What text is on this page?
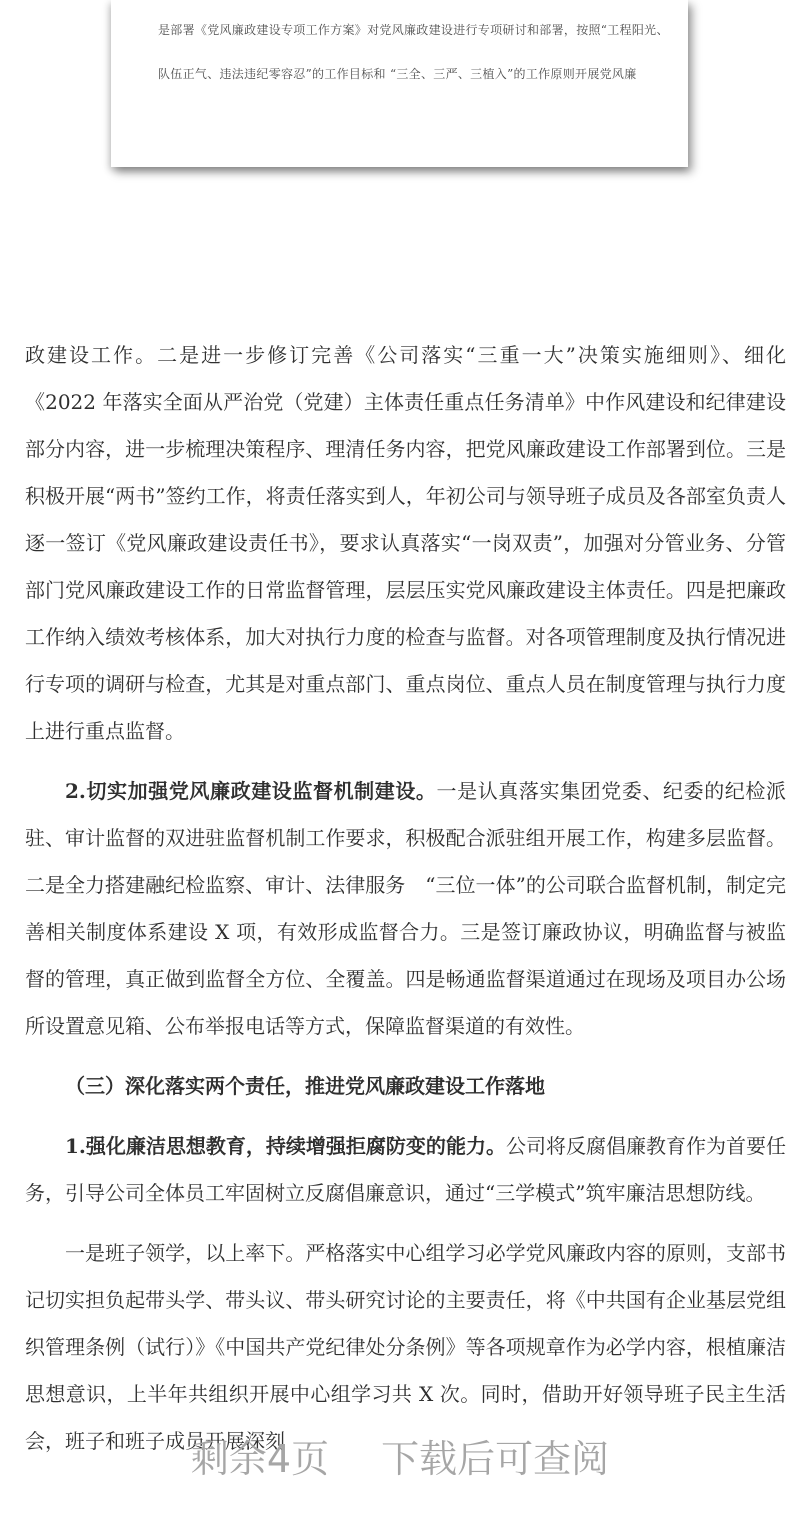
是部署《党风廉政建设专项工作方案》对党风廉政建设进行专项研讨和部署，按照“工程阳光、
队伍正气、违法违纪零容忍”的工作目标和 “三全、三严、三植入”的工作原则开展党风廉

政建设工作。二是进一步修订完善《公司落实“三重一大”决策实施细则》、细化《2022 年落实全面从严治党（党建）主体责任重点任务清单》中作风建设和纪律建设部分内容，进一步梳理决策程序、理清任务内容，把党风廉政建设工作部署到位。三是积极开展“两书”签约工作，将责任落实到人，年初公司与领导班子成员及各部室负责人逐一签订《党风廉政建设责任书》，要求认真落实“一岗双责”，加强对分管业务、分管部门党风廉政建设工作的日常监督管理，层层压实党风廉政建设主体责任。四是把廉政工作纳入绩效考核体系，加大对执行力度的检查与监督。对各项管理制度及执行情况进行专项的调研与检查，尤其是对重点部门、重点岗位、重点人员在制度管理与执行力度上进行重点监督。

2.切实加强党风廉政建设监督机制建设。一是认真落实集团党委、纪委的纪检派驻、审计监督的双进驻监督机制工作要求，积极配合派驻组开展工作，构建多层监督。二是全力搭建融纪检监察、审计、法律服务　“三位一体”的公司联合监督机制，制定完善相关制度体系建设 X 项，有效形成监督合力。三是签订廉政协议，明确监督与被监督的管理，真正做到监督全方位、全覆盖。四是畅通监督渠道通过在现场及项目办公场所设置意见箱、公布举报电话等方式，保障监督渠道的有效性。

（三）深化落实两个责任，推进党风廉政建设工作落地

1.强化廉洁思想教育，持续增强拒腐防变的能力。公司将反腐倡廉教育作为首要任务，引导公司全体员工牢固树立反腐倡廉意识，通过“三学模式”筑牢廉洁思想防线。

一是班子领学，以上率下。严格落实中心组学习必学党风廉政内容的原则，支部书记切实担负起带头学、带头议、带头研究讨论的主要责任，将《中共国有企业基层党组织管理条例（试行）》《中国共产党纪律处分条例》等各项规章作为必学内容，根植廉洁思想意识，上半年共组织开展中心组学习共 X 次。同时，借助开好领导班子民主生活会，班子和班子成员开展深刻

剩余4页 下载后可查阅
